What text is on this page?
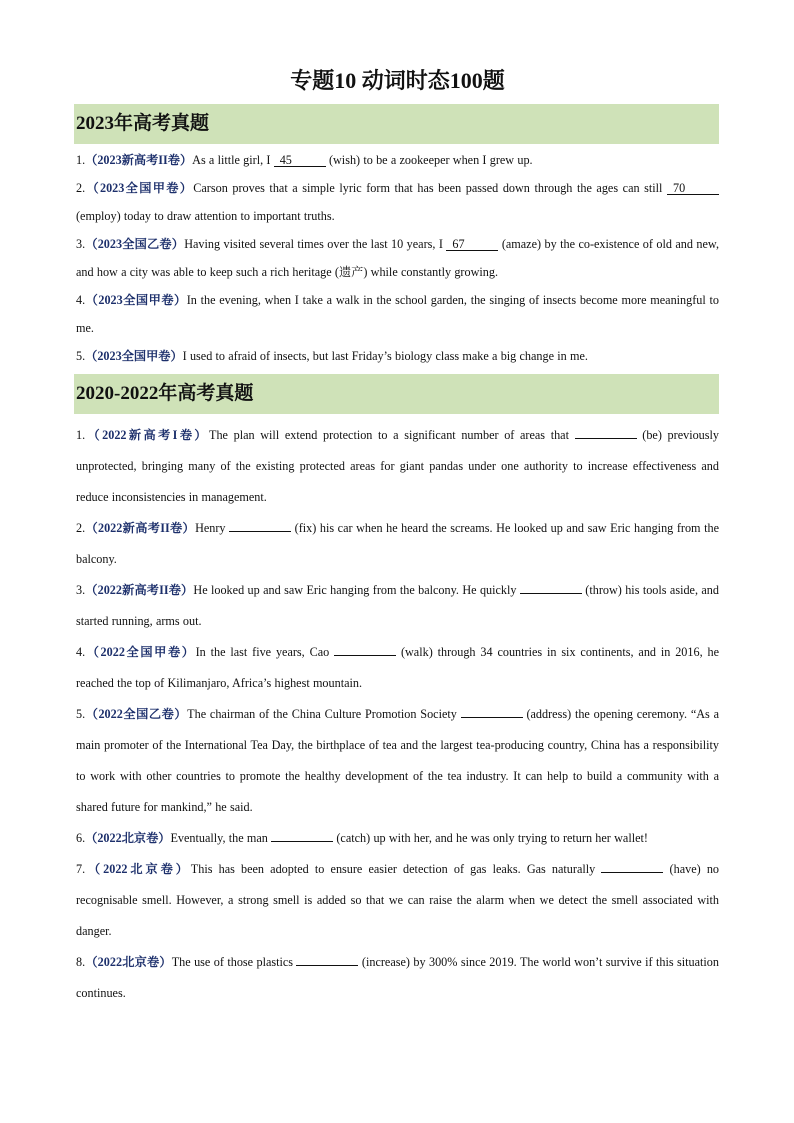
专题10 动词时态100题
2023年高考真题
1.（2023新高考II卷）As a little girl, I 45	(wish) to be a zookeeper when I grew up.
2.（2023全国甲卷）Carson proves that a simple lyric form that has been passed down through the ages can still 70 (employ) today to draw attention to important truths.
3.（2023全国乙卷）Having visited several times over the last 10 years, I 67	(amaze) by the co-existence of old and new, and how a city was able to keep such a rich heritage (遗产) while constantly growing.
4.（2023全国甲卷）In the evening, when I take a walk in the school garden, the singing of insects become more meaningful to me.
5.（2023全国甲卷）I used to afraid of insects, but last Friday’s biology class make a big change in me.
2020-2022年高考真题
1.（2022新高考I卷）The plan will extend protection to a significant number of areas that	(be) previously unprotected, bringing many of the existing protected areas for giant pandas under one authority to increase effectiveness and reduce inconsistencies in management.
2.（2022新高考II卷）Henry	(fix) his car when he heard the screams. He looked up and saw Eric hanging from the balcony.
3.（2022新高考II卷）He looked up and saw Eric hanging from the balcony. He quickly	(throw) his tools aside, and started running, arms out.
4.（2022全国甲卷）In the last five years, Cao	(walk) through 34 countries in six continents, and in 2016, he reached the top of Kilimanjaro, Africa’s highest mountain.
5.（2022全国乙卷）The chairman of the China Culture Promotion Society	(address) the opening ceremony. “As a main promoter of the International Tea Day, the birthplace of tea and the largest tea-producing country, China has a responsibility to work with other countries to promote the healthy development of the tea industry. It can help to build a community with a shared future for mankind,” he said.
6.（2022北京卷）Eventually, the man	(catch) up with her, and he was only trying to return her wallet!
7.（2022北京卷）This has been adopted to ensure easier detection of gas leaks. Gas naturally	(have) no recognisable smell. However, a strong smell is added so that we can raise the alarm when we detect the smell associated with danger.
8.（2022北京卷）The use of those plastics	(increase) by 300% since 2019. The world won’t survive if this situation continues.
